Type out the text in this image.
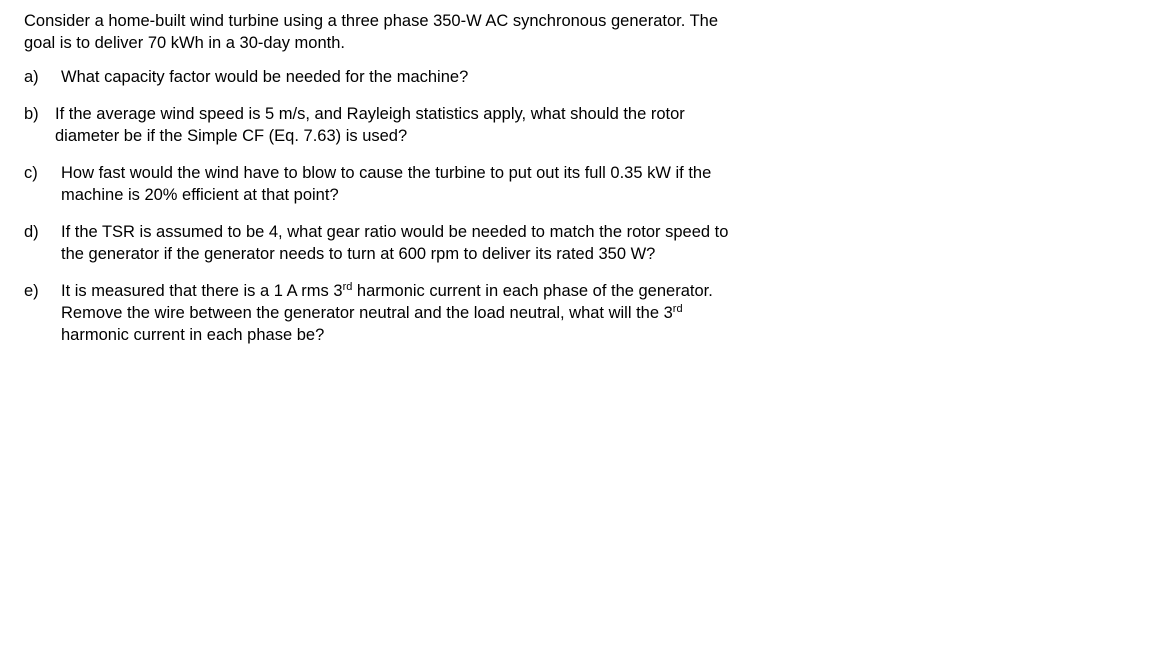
Consider a home-built wind turbine using a three phase 350-W AC synchronous generator. The
goal is to deliver 70 kWh in a 30-day month.
a) What capacity factor would be needed for the machine?
b) If the average wind speed is 5 m/s, and Rayleigh statistics apply, what should the rotor
diameter be if the Simple CF (Eq. 7.63) is used?
c) How fast would the wind have to blow to cause the turbine to put out its full 0.35 kW if the
machine is 20% efficient at that point?
d) If the TSR is assumed to be 4, what gear ratio would be needed to match the rotor speed to
the generator if the generator needs to turn at 600 rpm to deliver its rated 350 W?
e) It is measured that there is a 1 A rms 3rd harmonic current in each phase of the generator.
Remove the wire between the generator neutral and the load neutral, what will the 3rd
harmonic current in each phase be?
